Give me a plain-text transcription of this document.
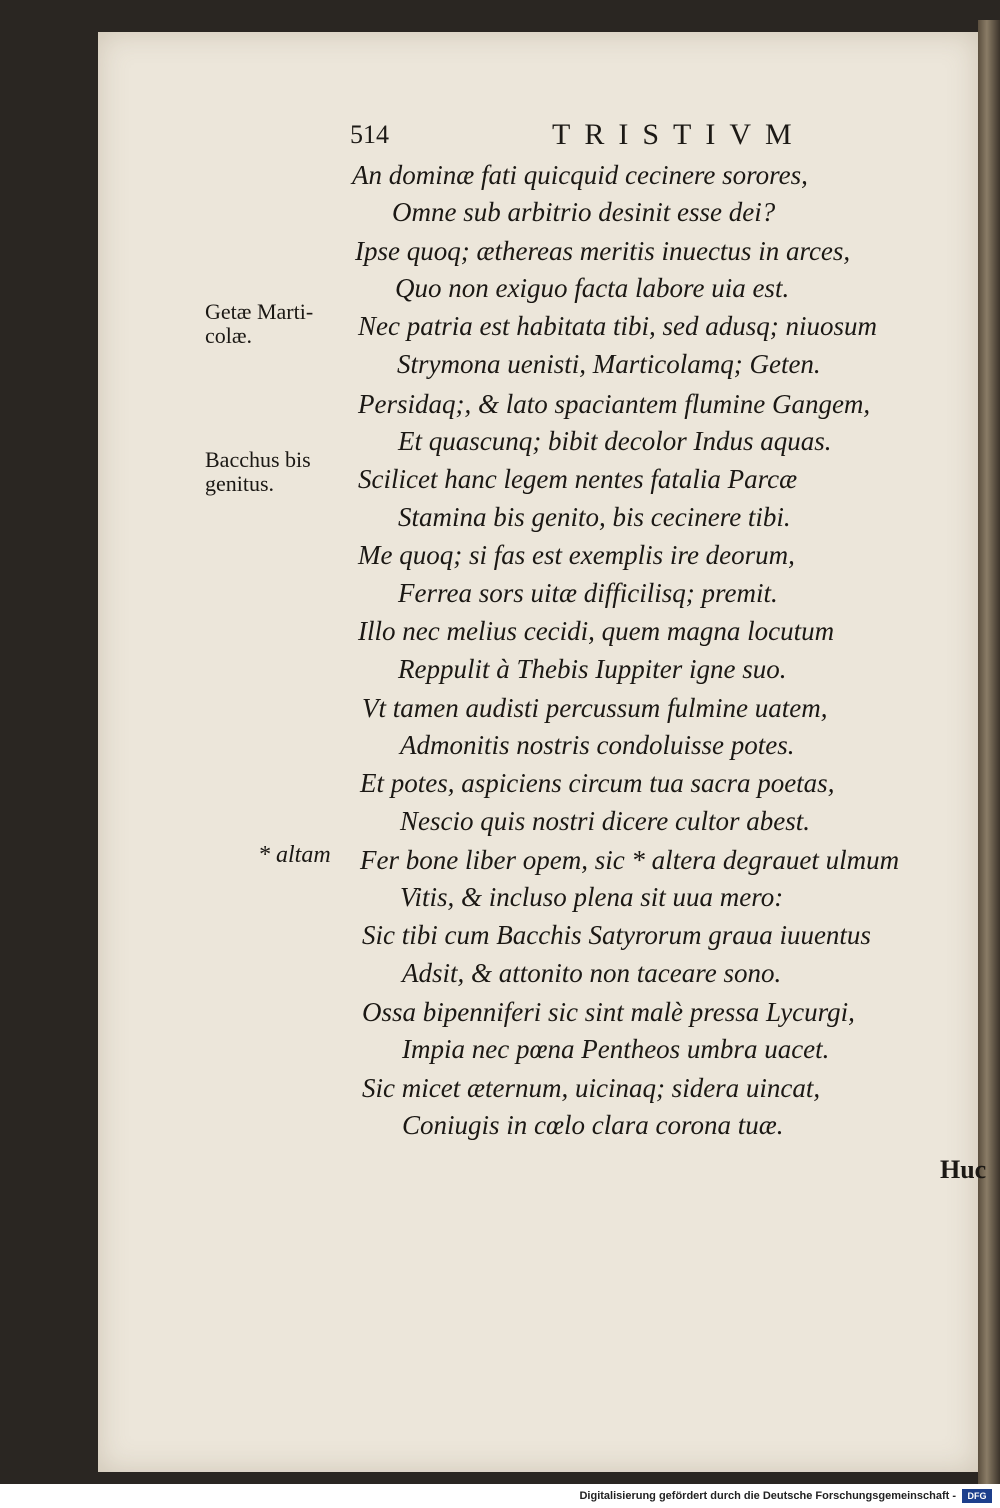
514	TRISTIVM
Getæ Marti-
colæ.
Bacchus bis
genitus.
* altam
An dominæ fati quicquid cecinere sorores,
Omne sub arbitrio desinit esse dei?
Ipse quoq; æthereas meritis inuectus in arces,
Quo non exiguo facta labore uia est.
Nec patria est habitata tibi, sed adusq; niuosum
Strymona uenisti, Marticolamq; Geten.
Persidaq;, & lato spaciantem flumine Gangem,
Et quascunq; bibit decolor Indus aquas.
Scilicet hanc legem nentes fatalia Parcæ
Stamina bis genito, bis cecinere tibi.
Me quoq; si fas est exemplis ire deorum,
Ferrea sors uitæ difficilisq; premit.
Illo nec melius cecidi, quem magna locutum
Reppulit à Thebis Iuppiter igne suo.
Vt tamen audisti percussum fulmine uatem,
Admonitis nostris condoluisse potes.
Et potes, aspiciens circum tua sacra poetas,
Nescio quis nostri dicere cultor abest.
Fer bone liber opem, sic * altera degrauet ulmum
Vitis, & incluso plena sit uua mero:
Sic tibi cum Bacchis Satyrorum graua iuuentus
Adsit, & attonito non taceare sono.
Ossa bipenniferi sic sint malè pressa Lycurgi,
Impia nec pœna Pentheos umbra uacet.
Sic micet æternum, uicinaq; sidera uincat,
Coniugis in cœlo clara corona tuæ.
Huc
Digitalisierung gefördert durch die Deutsche Forschungsgemeinschaft -	DFG
